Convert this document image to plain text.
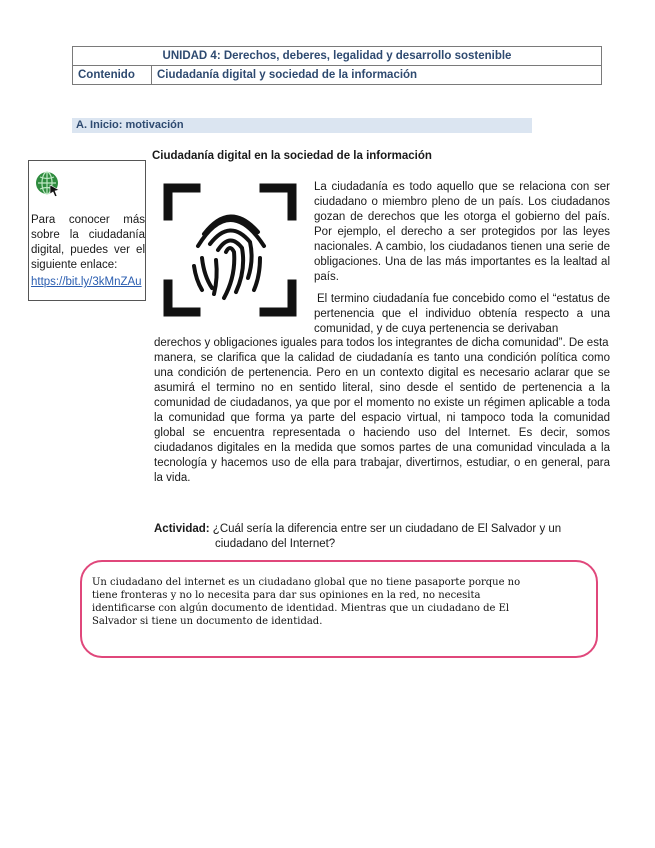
UNIDAD 4: Derechos, deberes, legalidad y desarrollo sostenible
Contenido	Ciudadanía digital y sociedad de la información
A. Inicio: motivación
Para conocer más sobre la ciudadanía digital, puedes ver el siguiente enlace:
https://bit.ly/3kMnZAu
Ciudadanía digital en la sociedad de la información
La ciudadanía es todo aquello que se relaciona con ser ciudadano o miembro pleno de un país. Los ciudadanos gozan de derechos que les otorga el gobierno del país. Por ejemplo, el derecho a ser protegidos por las leyes nacionales. A cambio, los ciudadanos tienen una serie de obligaciones. Una de las más importantes es la lealtad al país.
El termino ciudadanía fue concebido como el “estatus de pertenencia que el individuo obtenía respecto a una comunidad, y de cuya pertenencia se derivaban
derechos y obligaciones iguales para todos los integrantes de dicha comunidad”. De esta
manera, se clarifica que la calidad de ciudadanía es tanto una condición política como una condición de pertenencia. Pero en un contexto digital es necesario aclarar que se asumirá el termino no en sentido literal, sino desde el sentido de pertenencia a la comunidad de ciudadanos, ya que por el momento no existe un régimen aplicable a toda la comunidad que forma ya parte del espacio virtual, ni tampoco toda la comunidad global se encuentra representada o haciendo uso del Internet. Es decir, somos ciudadanos digitales en la medida que somos partes de una comunidad vinculada a la tecnología y hacemos uso de ella para trabajar, divertirnos, estudiar, o en general, para la vida.
Actividad: ¿Cuál sería la diferencia entre ser un ciudadano de El Salvador y un
ciudadano del Internet?
Un ciudadano del internet es un ciudadano global que no tiene pasaporte porque no tiene fronteras y no lo necesita para dar sus opiniones en la red, no necesita identificarse con algún documento de identidad. Mientras que un ciudadano de El Salvador si tiene un documento de identidad.
